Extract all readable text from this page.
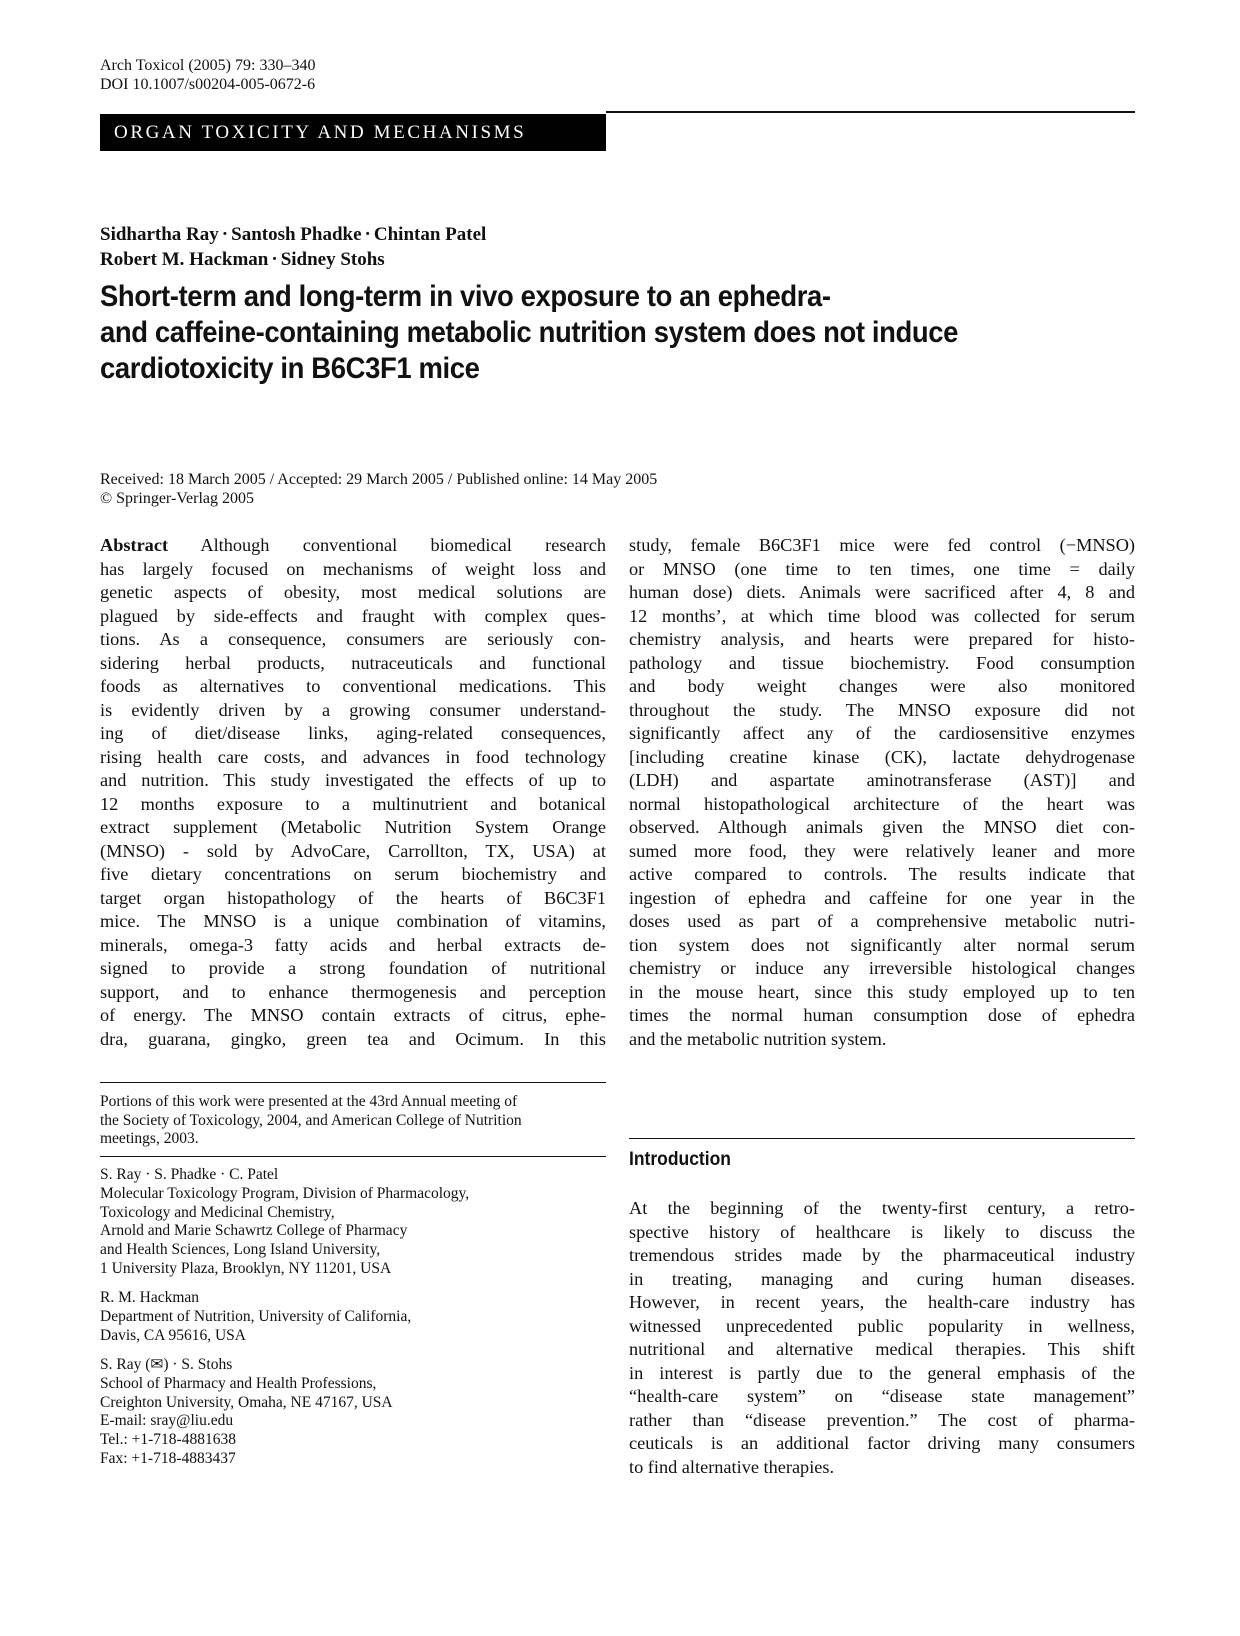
Arch Toxicol (2005) 79: 330–340
DOI 10.1007/s00204-005-0672-6
ORGAN TOXICITY AND MECHANISMS
Sidhartha Ray · Santosh Phadke · Chintan Patel
Robert M. Hackman · Sidney Stohs
Short-term and long-term in vivo exposure to an ephedra-
and caffeine-containing metabolic nutrition system does not induce
cardiotoxicity in B6C3F1 mice
Received: 18 March 2005 / Accepted: 29 March 2005 / Published online: 14 May 2005
© Springer-Verlag 2005
Abstract Although conventional biomedical research
has largely focused on mechanisms of weight loss and
genetic aspects of obesity, most medical solutions are
plagued by side-effects and fraught with complex ques-
tions. As a consequence, consumers are seriously con-
sidering herbal products, nutraceuticals and functional
foods as alternatives to conventional medications. This
is evidently driven by a growing consumer understand-
ing of diet/disease links, aging-related consequences,
rising health care costs, and advances in food technology
and nutrition. This study investigated the effects of up to
12 months exposure to a multinutrient and botanical
extract supplement (Metabolic Nutrition System Orange
(MNSO) - sold by AdvoCare, Carrollton, TX, USA) at
five dietary concentrations on serum biochemistry and
target organ histopathology of the hearts of B6C3F1
mice. The MNSO is a unique combination of vitamins,
minerals, omega-3 fatty acids and herbal extracts de-
signed to provide a strong foundation of nutritional
support, and to enhance thermogenesis and perception
of energy. The MNSO contain extracts of citrus, ephe-
dra, guarana, gingko, green tea and Ocimum. In this
study, female B6C3F1 mice were fed control (−MNSO)
or MNSO (one time to ten times, one time = daily
human dose) diets. Animals were sacrificed after 4, 8 and
12 months’, at which time blood was collected for serum
chemistry analysis, and hearts were prepared for histo-
pathology and tissue biochemistry. Food consumption
and body weight changes were also monitored
throughout the study. The MNSO exposure did not
significantly affect any of the cardiosensitive enzymes
[including creatine kinase (CK), lactate dehydrogenase
(LDH) and aspartate aminotransferase (AST)] and
normal histopathological architecture of the heart was
observed. Although animals given the MNSO diet con-
sumed more food, they were relatively leaner and more
active compared to controls. The results indicate that
ingestion of ephedra and caffeine for one year in the
doses used as part of a comprehensive metabolic nutri-
tion system does not significantly alter normal serum
chemistry or induce any irreversible histological changes
in the mouse heart, since this study employed up to ten
times the normal human consumption dose of ephedra
and the metabolic nutrition system.
Portions of this work were presented at the 43rd Annual meeting of
the Society of Toxicology, 2004, and American College of Nutrition
meetings, 2003.
S. Ray · S. Phadke · C. Patel
Molecular Toxicology Program, Division of Pharmacology,
Toxicology and Medicinal Chemistry,
Arnold and Marie Schawrtz College of Pharmacy
and Health Sciences, Long Island University,
1 University Plaza, Brooklyn, NY 11201, USA
R. M. Hackman
Department of Nutrition, University of California,
Davis, CA 95616, USA
S. Ray (✉) · S. Stohs
School of Pharmacy and Health Professions,
Creighton University, Omaha, NE 47167, USA
E-mail: sray@liu.edu
Tel.: +1-718-4881638
Fax: +1-718-4883437
Introduction
At the beginning of the twenty-first century, a retro-
spective history of healthcare is likely to discuss the
tremendous strides made by the pharmaceutical industry
in treating, managing and curing human diseases.
However, in recent years, the health-care industry has
witnessed unprecedented public popularity in wellness,
nutritional and alternative medical therapies. This shift
in interest is partly due to the general emphasis of the
“health-care system” on “disease state management”
rather than “disease prevention.” The cost of pharma-
ceuticals is an additional factor driving many consumers
to find alternative therapies.
